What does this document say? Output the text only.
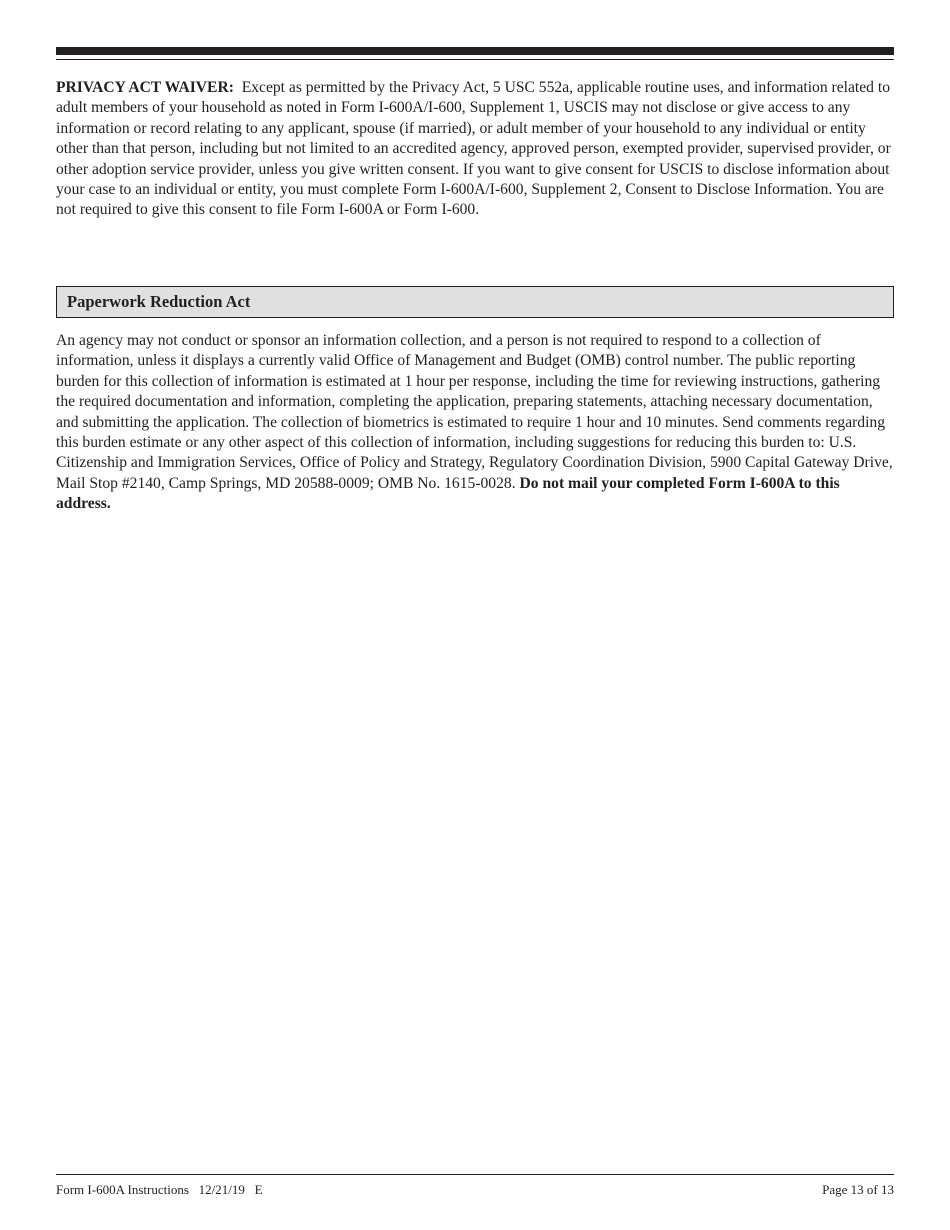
PRIVACY ACT WAIVER: Except as permitted by the Privacy Act, 5 USC 552a, applicable routine uses, and information related to adult members of your household as noted in Form I-600A/I-600, Supplement 1, USCIS may not disclose or give access to any information or record relating to any applicant, spouse (if married), or adult member of your household to any individual or entity other than that person, including but not limited to an accredited agency, approved person, exempted provider, supervised provider, or other adoption service provider, unless you give written consent. If you want to give consent for USCIS to disclose information about your case to an individual or entity, you must complete Form I-600A/I-600, Supplement 2, Consent to Disclose Information. You are not required to give this consent to file Form I-600A or Form I-600.

Paperwork Reduction Act

An agency may not conduct or sponsor an information collection, and a person is not required to respond to a collection of information, unless it displays a currently valid Office of Management and Budget (OMB) control number. The public reporting burden for this collection of information is estimated at 1 hour per response, including the time for reviewing instructions, gathering the required documentation and information, completing the application, preparing statements, attaching necessary documentation, and submitting the application. The collection of biometrics is estimated to require 1 hour and 10 minutes. Send comments regarding this burden estimate or any other aspect of this collection of information, including suggestions for reducing this burden to: U.S. Citizenship and Immigration Services, Office of Policy and Strategy, Regulatory Coordination Division, 5900 Capital Gateway Drive, Mail Stop #2140, Camp Springs, MD 20588-0009; OMB No. 1615-0028. Do not mail your completed Form I-600A to this address.

Form I-600A Instructions   12/21/19   E	Page 13 of 13
